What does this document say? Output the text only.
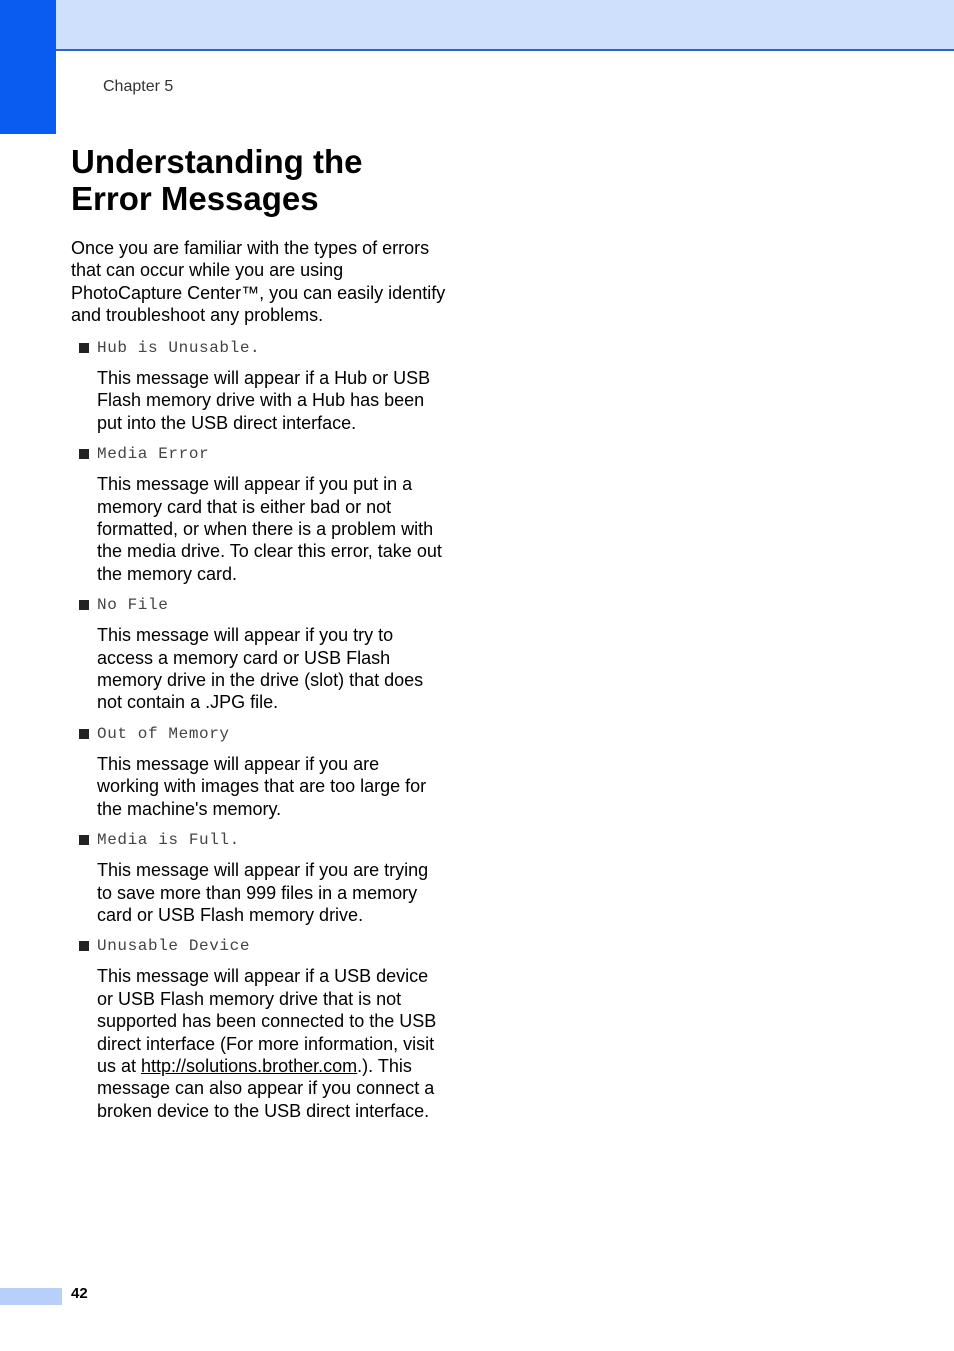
Chapter 5
Understanding the
Error Messages

Once you are familiar with the types of errors that can occur while you are using PhotoCapture Center™, you can easily identify and troubleshoot any problems.

Hub is Unusable.
This message will appear if a Hub or USB Flash memory drive with a Hub has been put into the USB direct interface.
Media Error
This message will appear if you put in a memory card that is either bad or not formatted, or when there is a problem with the media drive. To clear this error, take out the memory card.
No File
This message will appear if you try to access a memory card or USB Flash memory drive in the drive (slot) that does not contain a .JPG file.
Out of Memory
This message will appear if you are working with images that are too large for the machine's memory.
Media is Full.
This message will appear if you are trying to save more than 999 files in a memory card or USB Flash memory drive.
Unusable Device
This message will appear if a USB device or USB Flash memory drive that is not supported has been connected to the USB direct interface (For more information, visit us at http://solutions.brother.com.). This message can also appear if you connect a broken device to the USB direct interface.
42
